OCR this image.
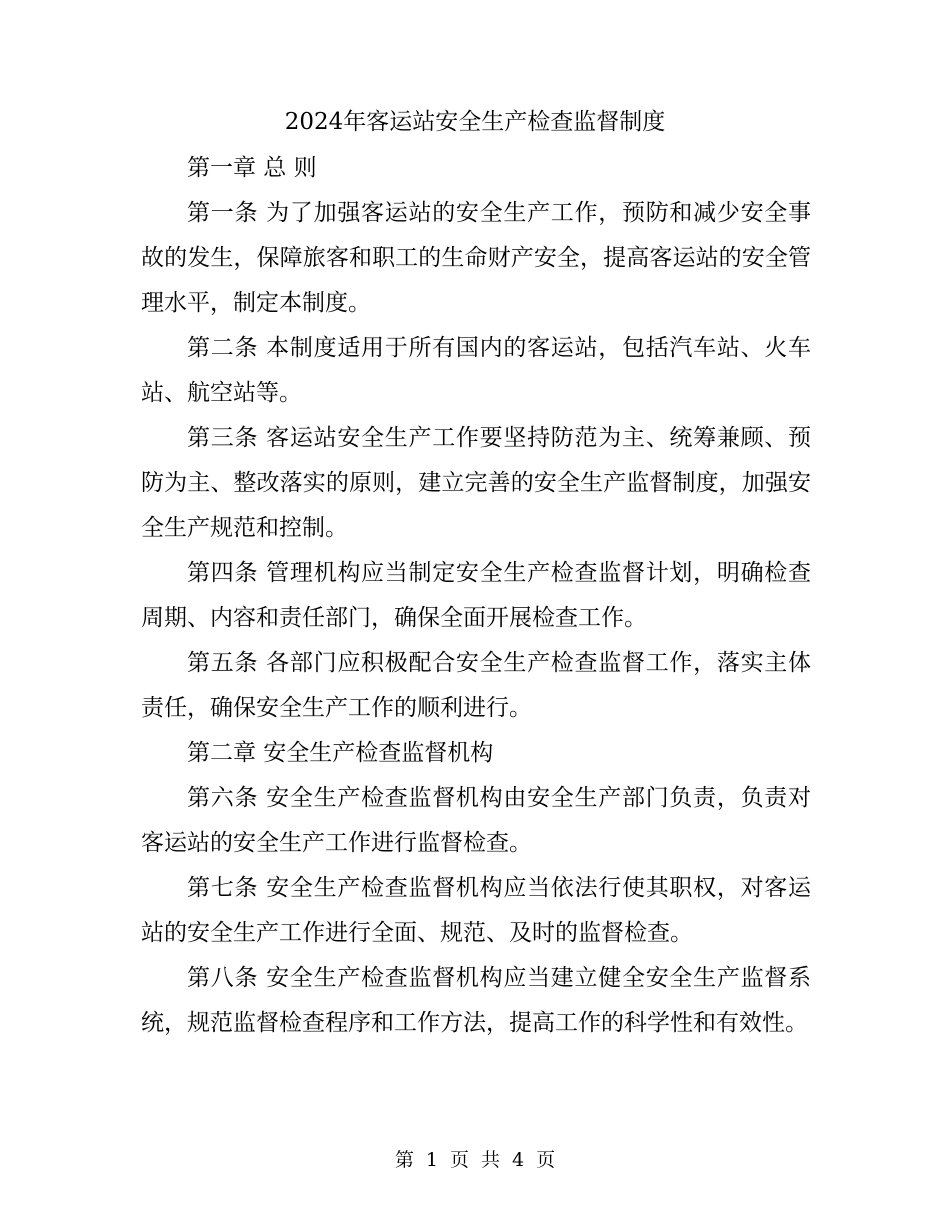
2024年客运站安全生产检查监督制度

第一章 总 则

第一条 为了加强客运站的安全生产工作，预防和减少安全事故的发生，保障旅客和职工的生命财产安全，提高客运站的安全管理水平，制定本制度。

第二条 本制度适用于所有国内的客运站，包括汽车站、火车站、航空站等。

第三条 客运站安全生产工作要坚持防范为主、统筹兼顾、预防为主、整改落实的原则，建立完善的安全生产监督制度，加强安全生产规范和控制。

第四条 管理机构应当制定安全生产检查监督计划，明确检查周期、内容和责任部门，确保全面开展检查工作。

第五条 各部门应积极配合安全生产检查监督工作，落实主体责任，确保安全生产工作的顺利进行。

第二章 安全生产检查监督机构

第六条 安全生产检查监督机构由安全生产部门负责，负责对客运站的安全生产工作进行监督检查。

第七条 安全生产检查监督机构应当依法行使其职权，对客运站的安全生产工作进行全面、规范、及时的监督检查。

第八条 安全生产检查监督机构应当建立健全安全生产监督系统，规范监督检查程序和工作方法，提高工作的科学性和有效性。

第 1 页 共 4 页
